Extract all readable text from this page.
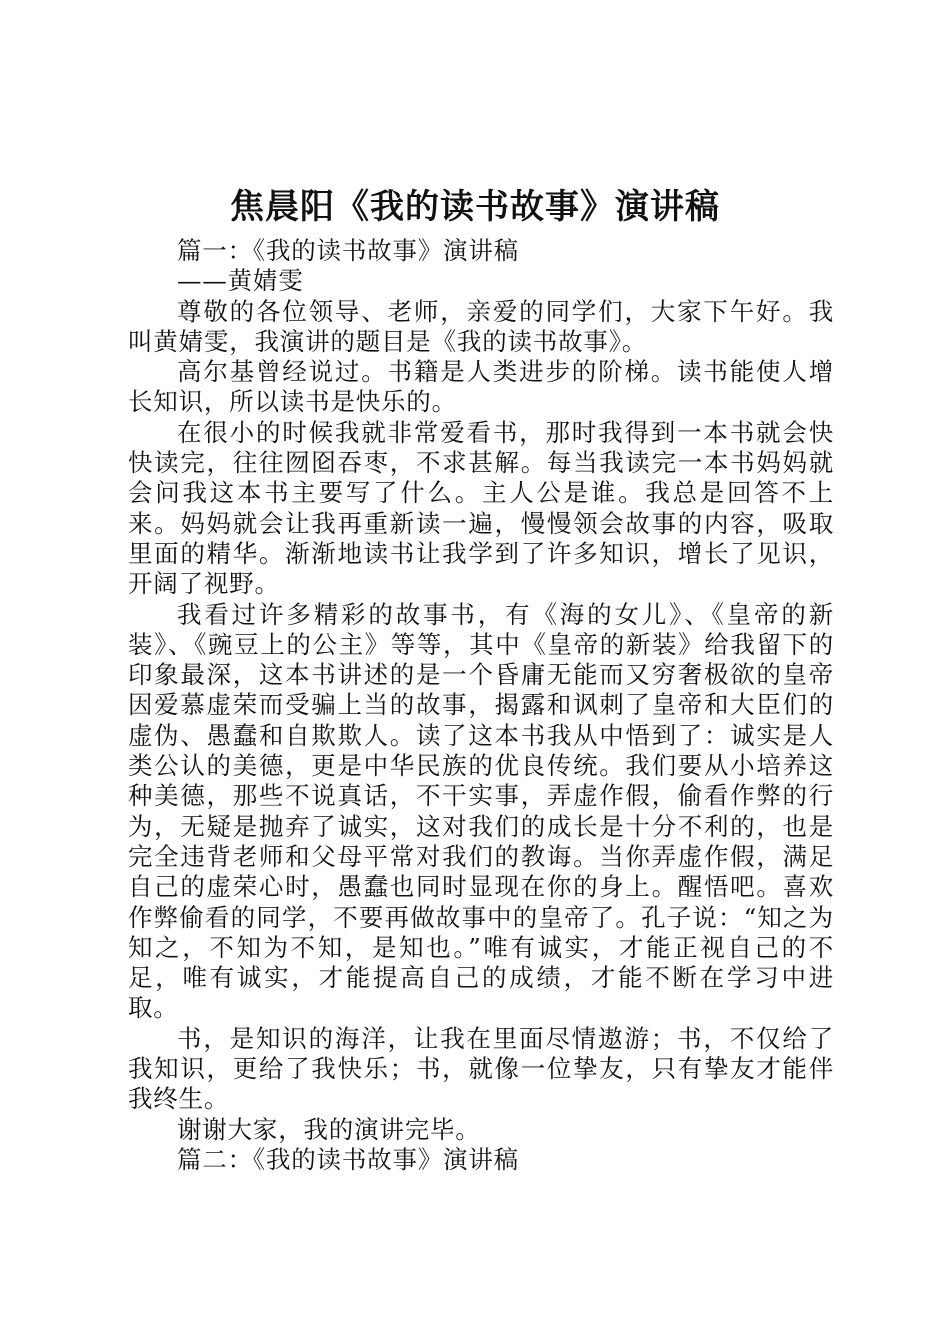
焦晨阳《我的读书故事》演讲稿

篇一：《我的读书故事》演讲稿

——黄婧雯

尊敬的各位领导、老师，亲爱的同学们，大家下午好。我叫黄婧雯，我演讲的题目是《我的读书故事》。

高尔基曾经说过。书籍是人类进步的阶梯。读书能使人增长知识，所以读书是快乐的。

在很小的时候我就非常爱看书，那时我得到一本书就会快快读完，往往囫囵吞枣，不求甚解。每当我读完一本书妈妈就会问我这本书主要写了什么。主人公是谁。我总是回答不上来。妈妈就会让我再重新读一遍，慢慢领会故事的内容，吸取里面的精华。渐渐地读书让我学到了许多知识，增长了见识，开阔了视野。

我看过许多精彩的故事书，有《海的女儿》、《皇帝的新装》、《豌豆上的公主》等等，其中《皇帝的新装》给我留下的印象最深，这本书讲述的是一个昏庸无能而又穷奢极欲的皇帝因爱慕虚荣而受骗上当的故事，揭露和讽刺了皇帝和大臣们的虚伪、愚蠢和自欺欺人。读了这本书我从中悟到了：诚实是人类公认的美德，更是中华民族的优良传统。我们要从小培养这种美德，那些不说真话，不干实事，弄虚作假，偷看作弊的行为，无疑是抛弃了诚实，这对我们的成长是十分不利的，也是完全违背老师和父母平常对我们的教诲。当你弄虚作假，满足自己的虚荣心时，愚蠢也同时显现在你的身上。醒悟吧。喜欢作弊偷看的同学，不要再做故事中的皇帝了。孔子说：“知之为知之，不知为不知，是知也。”唯有诚实，才能正视自己的不足，唯有诚实，才能提高自己的成绩，才能不断在学习中进取。

书，是知识的海洋，让我在里面尽情遨游；书，不仅给了我知识，更给了我快乐；书，就像一位挚友，只有挚友才能伴我终生。

谢谢大家，我的演讲完毕。

篇二：《我的读书故事》演讲稿
